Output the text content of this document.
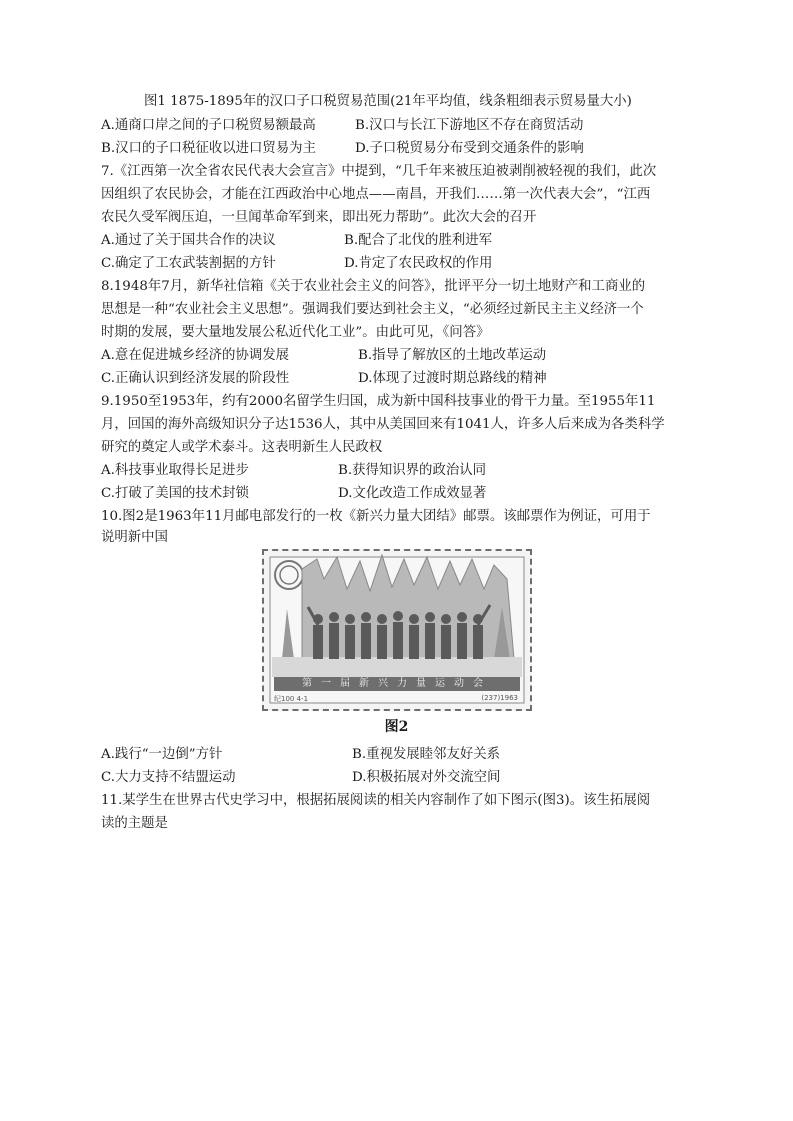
图1 1875-1895年的汉口子口税贸易范围(21年平均值，线条粗细表示贸易量大小)
A.通商口岸之间的子口税贸易额最高	B.汉口与长江下游地区不存在商贸活动
B.汉口的子口税征收以进口贸易为主	D.子口税贸易分布受到交通条件的影响
7.《江西第一次全省农民代表大会宣言》中提到，“几千年来被压迫被剥削被轻视的我们，此次
因组织了农民协会，才能在江西政治中心地点——南昌，开我们……第一次代表大会”，“江西
农民久受军阀压迫，一旦闻革命军到来，即出死力帮助”。此次大会的召开
A.通过了关于国共合作的决议	B.配合了北伐的胜利进军
C.确定了工农武装割据的方针	D.肯定了农民政权的作用
8.1948年7月，新华社信箱《关于农业社会主义的问答》，批评平分一切土地财产和工商业的
思想是一种“农业社会主义思想”。强调我们要达到社会主义，“必须经过新民主主义经济一个
时期的发展，要大量地发展公私近代化工业”。由此可见，《问答》
A.意在促进城乡经济的协调发展	B.指导了解放区的土地改革运动
C.正确认识到经济发展的阶段性	D.体现了过渡时期总路线的精神
9.1950至1953年，约有2000名留学生归国，成为新中国科技事业的骨干力量。至1955年11
月，回国的海外高级知识分子达1536人，其中从美国回来有1041人，许多人后来成为各类科学
研究的奠定人或学术泰斗。这表明新生人民政权
A.科技事业取得长足进步	B.获得知识界的政治认同
C.打破了美国的技术封锁	D.文化改造工作成效显著
10.图2是1963年11月邮电部发行的一枚《新兴力量大团结》邮票。该邮票作为例证，可用于
说明新中国
第一届新兴力量运动会
纪100 4-1	(237)1963
图2
A.践行“一边倒”方针	B.重视发展睦邻友好关系
C.大力支持不结盟运动	D.积极拓展对外交流空间
11.某学生在世界古代史学习中，根据拓展阅读的相关内容制作了如下图示(图3)。该生拓展阅
读的主题是
